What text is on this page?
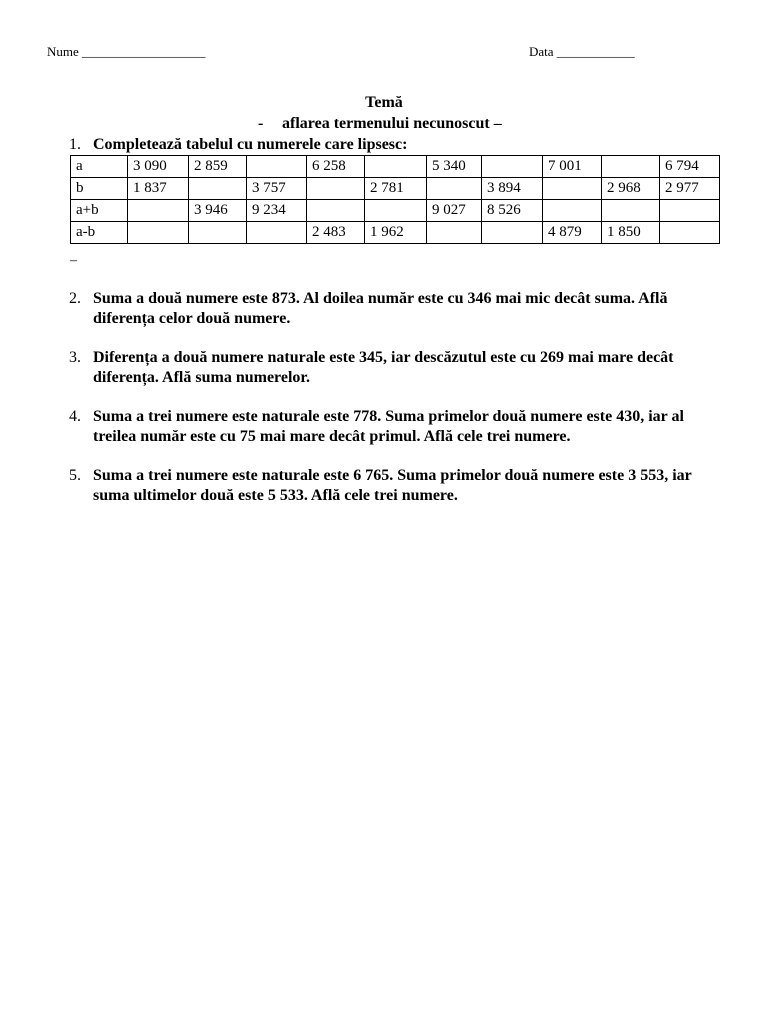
Nume ___________________	Data ____________
Temă
- aflarea termenului necunoscut –
1. Completează tabelul cu numerele care lipsesc:
a	3 090	2 859		6 258		5 340		7 001		6 794
b	1 837		3 757		2 781		3 894		2 968	2 977
a+b		3 946	9 234			9 027	8 526			
a-b				2 483	1 962			4 879	1 850	
–
2. Suma a două numere este 873. Al doilea număr este cu 346 mai mic decât suma. Află diferența celor două numere.
3. Diferența a două numere naturale este 345, iar descăzutul este cu 269 mai mare decât diferența. Află suma numerelor.
4. Suma a trei numere este naturale este 778. Suma primelor două numere este 430, iar al treilea număr este cu 75 mai mare decât primul. Află cele trei numere.
5. Suma a trei numere este naturale este 6 765. Suma primelor două numere este 3 553, iar suma ultimelor două este 5 533. Află cele trei numere.
